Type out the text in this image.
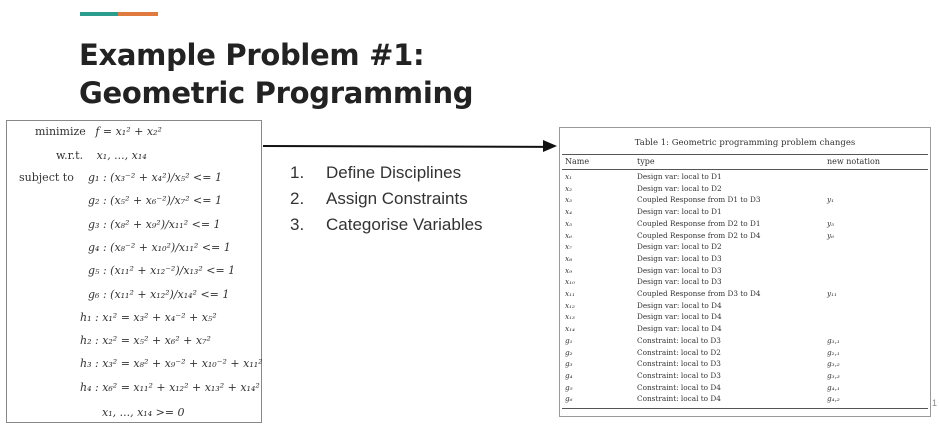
Example Problem #1:
Geometric Programming
minimize f = x₁² + x₂²
w.r.t. x₁, ..., x₁₄
subject to g₁ : (x₃⁻² + x₄²)/x₅² <= 1
g₂ : (x₅² + x₆⁻²)/x₇² <= 1
g₃ : (x₈² + x₉²)/x₁₁² <= 1
g₄ : (x₈⁻² + x₁₀²)/x₁₁² <= 1
g₅ : (x₁₁² + x₁₂⁻²)/x₁₃² <= 1
g₆ : (x₁₁² + x₁₂²)/x₁₄² <= 1
h₁ : x₁² = x₃² + x₄⁻² + x₅²
h₂ : x₂² = x₅² + x₆² + x₇²
h₃ : x₃² = x₈² + x₉⁻² + x₁₀⁻² + x₁₁²
h₄ : x₆² = x₁₁² + x₁₂² + x₁₃² + x₁₄²
x₁, ..., x₁₄ >= 0
1. Define Disciplines
2. Assign Constraints
3. Categorise Variables
Table 1: Geometric programming problem changes
Name	type	new notation
x₁	Design var: local to D1
x₂	Design var: local to D2
x₃	Coupled Response from D1 to D3	y₁
x₄	Design var: local to D1
x₅	Coupled Response from D2 to D1	y₅
x₆	Coupled Response from D2 to D4	y₆
x₇	Design var: local to D2
x₈	Design var: local to D3
x₉	Design var: local to D3
x₁₀	Design var: local to D3
x₁₁	Coupled Response from D3 to D4	y₁₁
x₁₂	Design var: local to D4
x₁₃	Design var: local to D4
x₁₄	Design var: local to D4
g₁	Constraint: local to D3	g₃,₁
g₂	Constraint: local to D2	g₂,₁
g₃	Constraint: local to D3	g₃,₂
g₄	Constraint: local to D3	g₃,₃
g₅	Constraint: local to D4	g₄,₁
g₆	Constraint: local to D4	g₄,₂	1
